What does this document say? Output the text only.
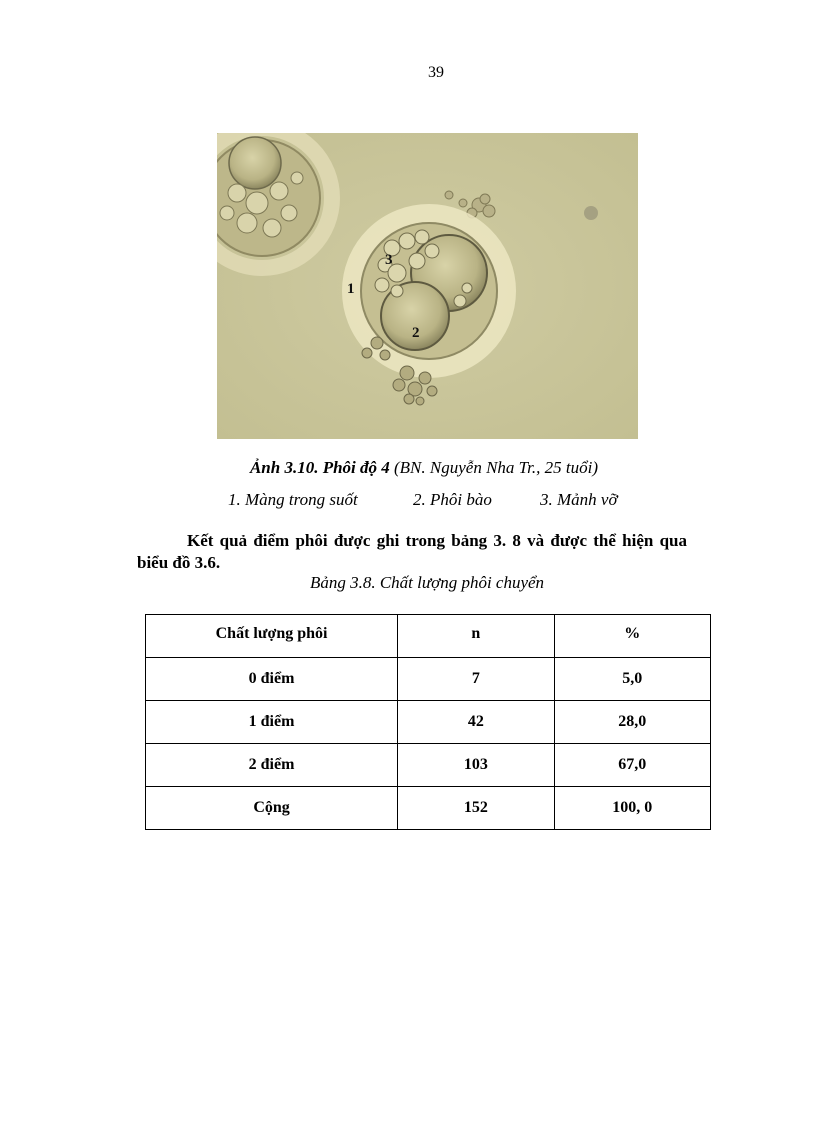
39
1
2
3
Ảnh 3.10. Phôi độ 4 (BN. Nguyễn Nha Tr., 25 tuổi)
1. Màng trong suốt	2. Phôi bào	3. Mảnh vỡ
Kết quả điểm phôi được ghi trong bảng 3. 8 và được thể hiện qua biểu đồ 3.6.
Bảng 3.8. Chất lượng phôi chuyển
Chất lượng phôi	n	%
0 điểm	7	5,0
1 điểm	42	28,0
2 điểm	103	67,0
Cộng	152	100, 0
